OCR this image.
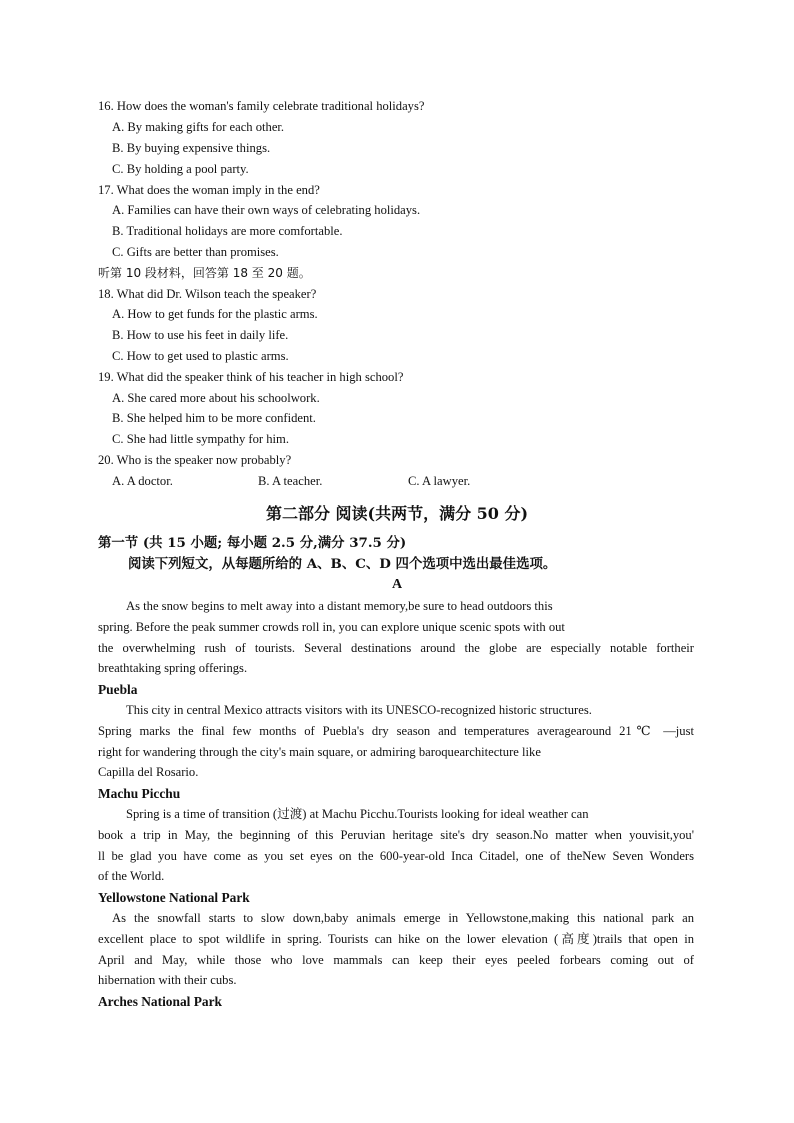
16. How does the woman's family celebrate traditional holidays?
A. By making gifts for each other.
B. By buying expensive things.
C. By holding a pool party.
17. What does the woman imply in the end?
A. Families can have their own ways of celebrating holidays.
B. Traditional holidays are more comfortable.
C. Gifts are better than promises.
听第 10 段材料，回答第 18 至 20 题。
18. What did Dr. Wilson teach the speaker?
A. How to get funds for the plastic arms.
B. How to use his feet in daily life.
C. How to get used to plastic arms.
19. What did the speaker think of his teacher in high school?
A. She cared more about his schoolwork.
B. She helped him to be more confident.
C. She had little sympathy for him.
20. Who is the speaker now probably?
A. A doctor.	B. A teacher.	C. A lawyer.
第二部分 阅读(共两节，满分 50 分)
第一节 (共 15 小题; 每小题 2.5 分,满分 37.5 分)
阅读下列短文，从每题所给的 A、B、C、D 四个选项中选出最佳选项。
A
As the snow begins to melt away into a distant memory,be sure to head outdoors this
spring. Before the peak summer crowds roll in, you can explore unique scenic spots with out
the overwhelming rush of tourists. Several destinations around the globe are especially notable fortheir
breathtaking spring offerings.
Puebla
This city in central Mexico attracts visitors with its UNESCO-recognized historic structures.
Spring marks the final few months of Puebla's dry season and temperatures averagearound 21℃ —just
right for wandering through the city's main square, or admiring baroquearchitecture like
Capilla del Rosario.
Machu Picchu
Spring is a time of transition (过渡) at Machu Picchu.Tourists looking for ideal weather can
book a trip in May, the beginning of this Peruvian heritage site's dry season.No matter when youvisit,you'
ll be glad you have come as you set eyes on the 600-year-old Inca Citadel, one of theNew Seven Wonders
of the World.
Yellowstone National Park
As the snowfall starts to slow down,baby animals emerge in Yellowstone,making this national park an
excellent place to spot wildlife in spring. Tourists can hike on the lower elevation (高度)trails that open in
April and May, while those who love mammals can keep their eyes peeled forbears coming out of
hibernation with their cubs.
Arches National Park
